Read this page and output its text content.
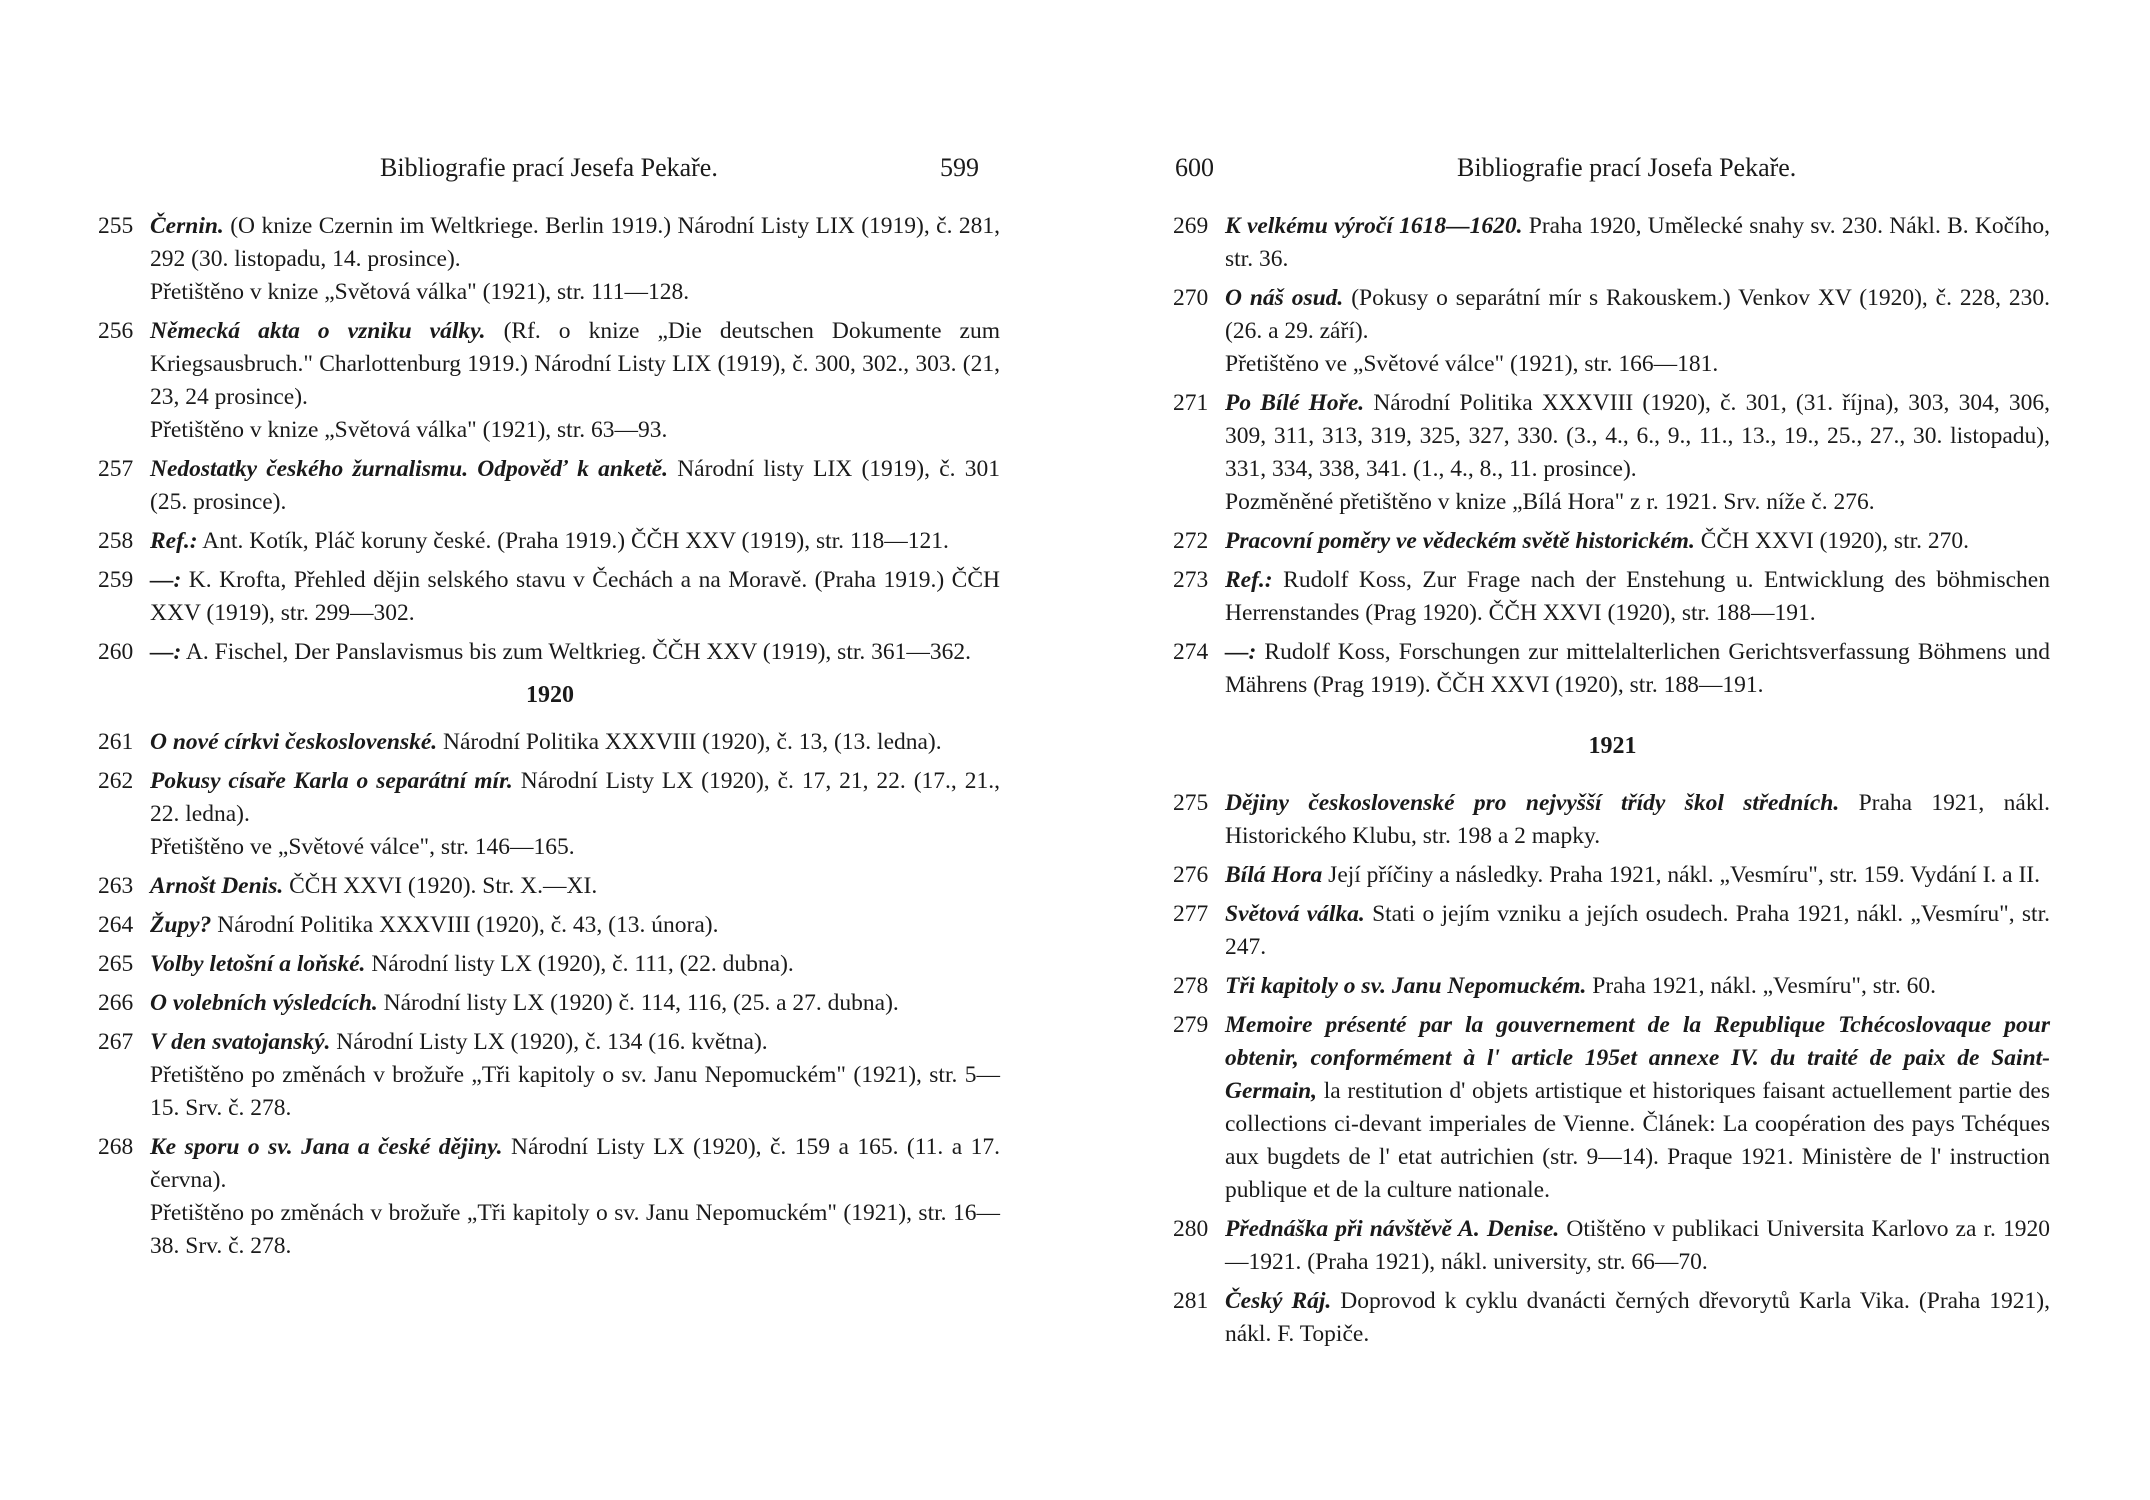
Bibliografie prací Jesefa Pekaře.	599
255 Černin. (O knize Czernin im Weltkriege. Berlin 1919.) Národní Listy LIX (1919), č. 281, 292 (30. listopadu, 14. prosince).
Přetištěno v knize „Světová válka" (1921), str. 111—128.
256 Německá akta o vzniku války. (Rf. o knize „Die deutschen Dokumente zum Kriegsausbruch." Charlottenburg 1919.) Národní Listy LIX (1919), č. 300, 302., 303. (21, 23, 24 prosince).
Přetištěno v knize „Světová válka" (1921), str. 63—93.
257 Nedostatky českého žurnalismu. Odpověď k anketě. Národní listy LIX (1919), č. 301 (25. prosince).
258 Ref.: Ant. Kotík, Pláč koruny české. (Praha 1919.) ČČH XXV (1919), str. 118—121.
259 —: K. Krofta, Přehled dějin selského stavu v Čechách a na Moravě. (Praha 1919.) ČČH XXV (1919), str. 299—302.
260 —: A. Fischel, Der Panslavismus bis zum Weltkrieg. ČČH XXV (1919), str. 361—362.
1920
261 O nové církvi československé. Národní Politika XXXVIII (1920), č. 13, (13. ledna).
262 Pokusy císaře Karla o separátní mír. Národní Listy LX (1920), č. 17, 21, 22. (17., 21., 22. ledna).
Přetištěno ve „Světové válce", str. 146—165.
263 Arnošt Denis. ČČH XXVI (1920). Str. X.—XI.
264 Župy? Národní Politika XXXVIII (1920), č. 43, (13. února).
265 Volby letošní a loňské. Národní listy LX (1920), č. 111, (22. dubna).
266 O volebních výsledcích. Národní listy LX (1920) č. 114, 116, (25. a 27. dubna).
267 V den svatojanský. Národní Listy LX (1920), č. 134 (16. května).
Přetištěno po změnách v brožuře „Tři kapitoly o sv. Janu Nepomuckém" (1921), str. 5—15. Srv. č. 278.
268 Ke sporu o sv. Jana a české dějiny. Národní Listy LX (1920), č. 159 a 165. (11. a 17. června).
Přetištěno po změnách v brožuře „Tři kapitoly o sv. Janu Nepomuckém" (1921), str. 16—38. Srv. č. 278.
600	Bibliografie prací Josefa Pekaře.
269 K velkému výročí 1618—1620. Praha 1920, Umělecké snahy sv. 230. Nákl. B. Kočího, str. 36.
270 O náš osud. (Pokusy o separátní mír s Rakouskem.) Venkov XV (1920), č. 228, 230. (26. a 29. září).
Přetištěno ve „Světové válce" (1921), str. 166—181.
271 Po Bílé Hoře. Národní Politika XXXVIII (1920), č. 301, (31. října), 303, 304, 306, 309, 311, 313, 319, 325, 327, 330. (3., 4., 6., 9., 11., 13., 19., 25., 27., 30. listopadu), 331, 334, 338, 341. (1., 4., 8., 11. prosince).
Pozměněné přetištěno v knize „Bílá Hora" z r. 1921. Srv. níže č. 276.
272 Pracovní poměry ve vědeckém světě historickém. ČČH XXVI (1920), str. 270.
273 Ref.: Rudolf Koss, Zur Frage nach der Enstehung u. Entwicklung des böhmischen Herrenstandes (Prag 1920). ČČH XXVI (1920), str. 188—191.
274 —: Rudolf Koss, Forschungen zur mittelalterlichen Gerichtsverfassung Böhmens und Mährens (Prag 1919). ČČH XXVI (1920), str. 188—191.
1921
275 Dějiny československé pro nejvyšší třídy škol středních. Praha 1921, nákl. Historického Klubu, str. 198 a 2 mapky.
276 Bílá Hora Její příčiny a následky. Praha 1921, nákl. „Vesmíru", str. 159. Vydání I. a II.
277 Světová válka. Stati o jejím vzniku a jejích osudech. Praha 1921, nákl. „Vesmíru", str. 247.
278 Tři kapitoly o sv. Janu Nepomuckém. Praha 1921, nákl. „Vesmíru", str. 60.
279 Memoire présenté par la gouvernement de la Republique Tchécoslovaque pour obtenir, conformément à l' article 195et annexe IV. du traité de paix de Saint-Germain, la restitution d' objets artistique et historiques faisant actuellement partie des collections ci-devant imperiales de Vienne. Článek: La coopération des pays Tchéques aux bugdets de l' etat autrichien (str. 9—14). Praque 1921. Ministère de l' instruction publique et de la culture nationale.
280 Přednáška při návštěvě A. Denise. Otištěno v publikaci Universita Karlovo za r. 1920—1921. (Praha 1921), nákl. university, str. 66—70.
281 Český Ráj. Doprovod k cyklu dvanácti černých dřevorytů Karla Vika. (Praha 1921), nákl. F. Topiče.
